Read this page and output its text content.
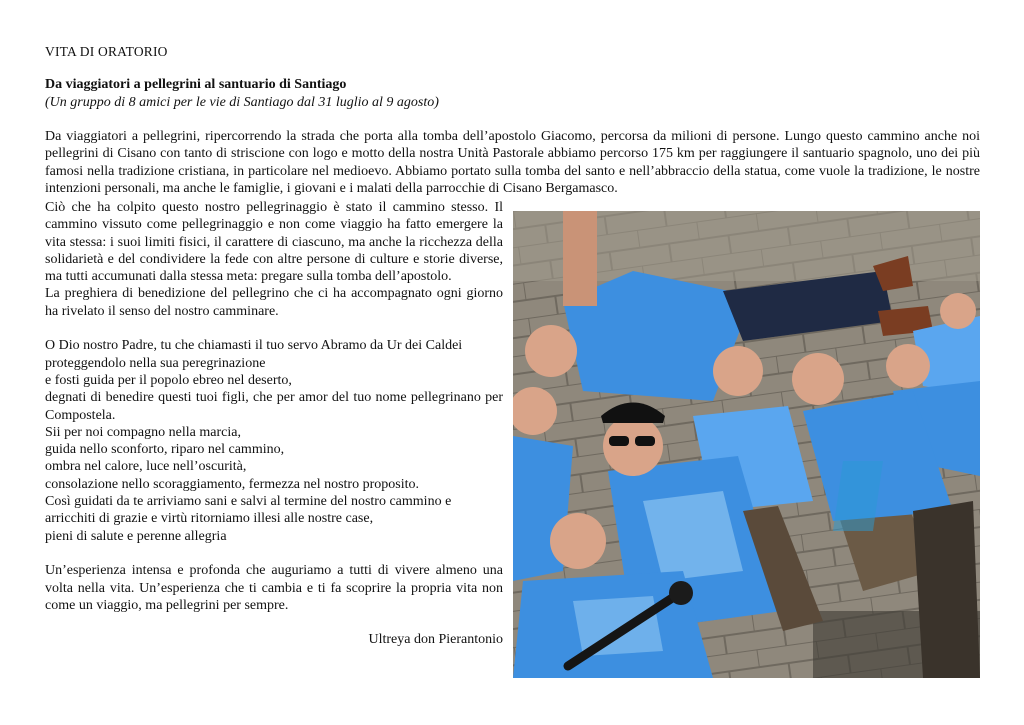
VITA DI ORATORIO
Da viaggiatori a pellegrini al santuario di Santiago
(Un gruppo di 8 amici per le vie di Santiago dal 31 luglio al 9 agosto)
Da viaggiatori a pellegrini, ripercorrendo la strada che porta alla tomba dell’apostolo Giacomo, percorsa da milioni di persone. Lungo questo cammino anche noi pellegrini di Cisano con tanto di striscione con logo e motto della nostra Unità Pastorale abbiamo percorso 175 km per raggiungere il santuario spagnolo, uno dei più famosi nella tradizione cristiana, in particolare nel medioevo. Abbiamo portato sulla tomba del santo e nell’abbraccio della statua, come vuole la tradizione, le nostre intenzioni personali, ma anche le famiglie, i giovani e i malati della parrocchie di Cisano Bergamasco.

Ciò che ha colpito questo nostro pellegrinaggio è stato il cammino stesso. Il cammino vissuto come pellegrinaggio e non come viaggio ha fatto emergere la vita stessa: i suoi limiti fisici, il carattere di ciascuno, ma anche la ricchezza della solidarietà e del condividere la fede con altre persone di culture e storie diverse, ma tutti accumunati dalla stessa meta: pregare sulla tomba dell’apostolo.

La preghiera di benedizione del pellegrino che ci ha accompagnato ogni giorno ha rivelato il senso del nostro camminare.

O Dio nostro Padre, tu che chiamasti il tuo servo Abramo da Ur dei Caldei

proteggendolo nella sua peregrinazione

e fosti guida per il popolo ebreo nel deserto,

degnati di benedire questi tuoi figli, che per amor del tuo nome pellegrinano per Compostela.

Sii per noi compagno nella marcia,

guida nello sconforto, riparo nel cammino,

ombra nel calore, luce nell’oscurità,

consolazione nello scoraggiamento, fermezza nel nostro proposito.

Così guidati da te arriviamo sani e salvi al termine del nostro cammino e

arricchiti di grazie e virtù ritorniamo illesi alle nostre case,

pieni di salute e perenne allegria

Un’esperienza intensa e profonda che auguriamo a tutti di vivere almeno una volta nella vita. Un’esperienza che ti cambia e ti fa scoprire la propria vita non come un viaggio, ma pellegrini per sempre.

Ultreya don Pierantonio
